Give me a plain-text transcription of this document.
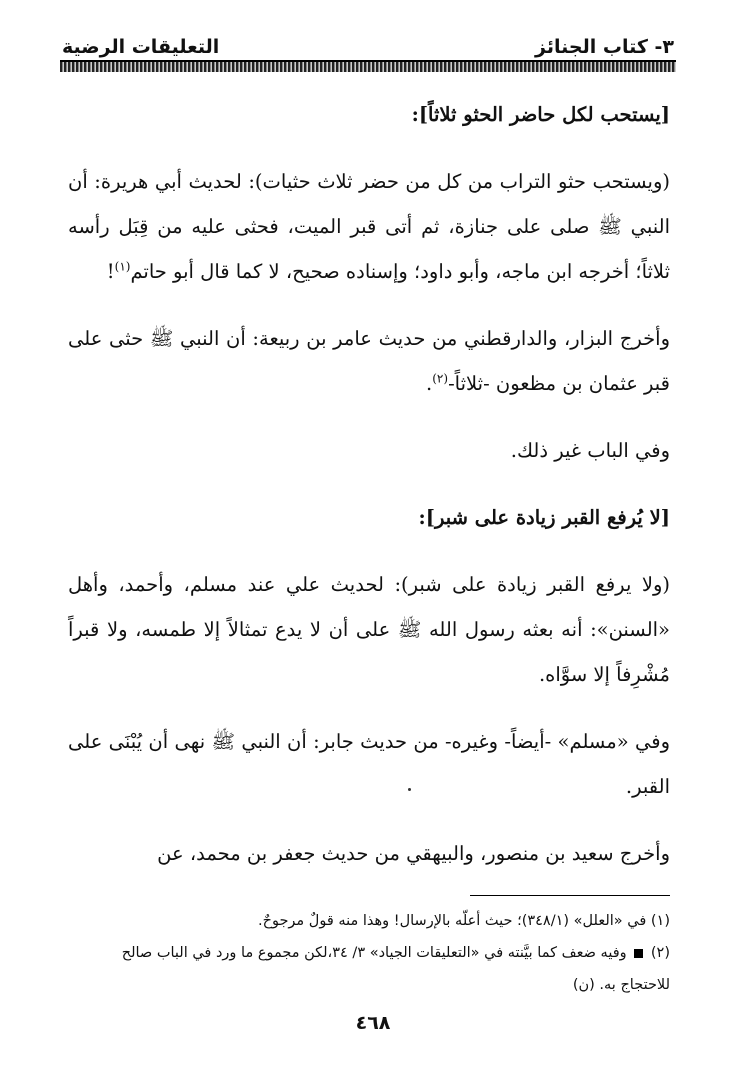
٣- كتاب الجنائز
التعليقات الرضية

[يستحب لكل حاضر الحثو ثلاثاً]:

(ويستحب حثو التراب من كل من حضر ثلاث حثيات): لحديث أبي هريرة: أن النبي ﷺ صلى على جنازة، ثم أتى قبر الميت، فحثى عليه من قِبَل رأسه ثلاثاً؛ أخرجه ابن ماجه، وأبو داود؛ وإسناده صحيح، لا كما قال أبو حاتم$^{(١)}$!

وأخرج البزار، والدارقطني من حديث عامر بن ربيعة: أن النبي ﷺ حثى على قبر عثمان بن مظعون -ثلاثاً-$^{(٢)}$.

وفي الباب غير ذلك.

[لا يُرفع القبر زيادة على شبر]:

(ولا يرفع القبر زيادة على شبر): لحديث علي عند مسلم، وأحمد، وأهل «السنن»: أنه بعثه رسول الله ﷺ على أن لا يدع تمثالاً إلا طمسه، ولا قبراً مُشْرِفاً إلا سوَّاه.

وفي «مسلم» -أيضاً- وغيره- من حديث جابر: أن النبي ﷺ نهى أن يُبْنَى على القبر.

وأخرج سعيد بن منصور، والبيهقي من حديث جعفر بن محمد، عن

(١) في «العلل» (٣٤٨/١)؛ حيث أعلّه بالإرسال! وهذا منه قولٌ مرجوحٌ.

(٢)  وفيه ضعف كما بيَّنته في «التعليقات الجياد» ٣/ ٣٤،لكن مجموع ما ورد في الباب صالح للاحتجاج به. (ن)

٤٦٨
